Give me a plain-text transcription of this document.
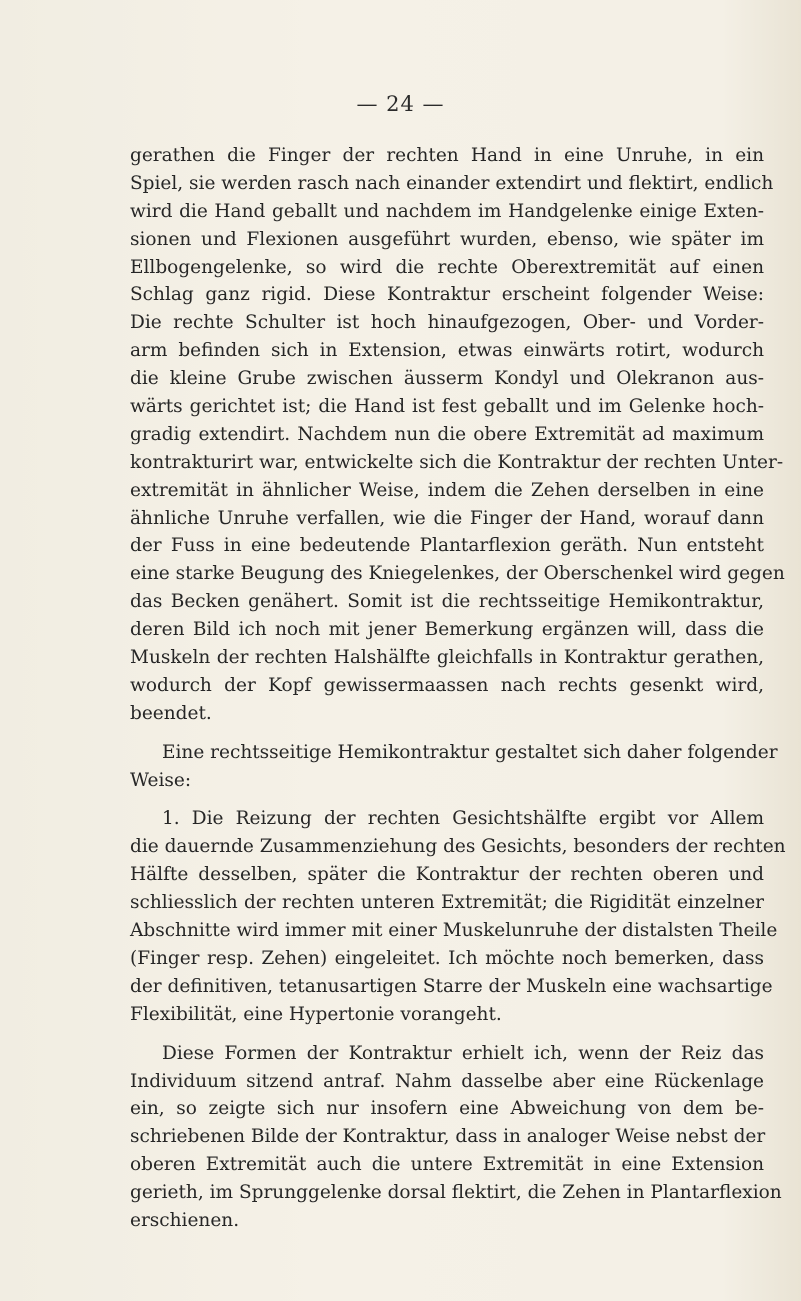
— 24 —
gerathen die Finger der rechten Hand in eine Unruhe, in ein
Spiel, sie werden rasch nach einander extendirt und flektirt, endlich
wird die Hand geballt und nachdem im Handgelenke einige Exten-
sionen und Flexionen ausgeführt wurden, ebenso, wie später im
Ellbogengelenke, so wird die rechte Oberextremität auf einen
Schlag ganz rigid. Diese Kontraktur erscheint folgender Weise:
Die rechte Schulter ist hoch hinaufgezogen, Ober- und Vorder-
arm befinden sich in Extension, etwas einwärts rotirt, wodurch
die kleine Grube zwischen äusserm Kondyl und Olekranon aus-
wärts gerichtet ist; die Hand ist fest geballt und im Gelenke hoch-
gradig extendirt. Nachdem nun die obere Extremität ad maximum
kontrakturirt war, entwickelte sich die Kontraktur der rechten Unter-
extremität in ähnlicher Weise, indem die Zehen derselben in eine
ähnliche Unruhe verfallen, wie die Finger der Hand, worauf dann
der Fuss in eine bedeutende Plantarflexion geräth. Nun entsteht
eine starke Beugung des Kniegelenkes, der Oberschenkel wird gegen
das Becken genähert. Somit ist die rechtsseitige Hemikontraktur,
deren Bild ich noch mit jener Bemerkung ergänzen will, dass die
Muskeln der rechten Halshälfte gleichfalls in Kontraktur gerathen,
wodurch der Kopf gewissermaassen nach rechts gesenkt wird,
beendet.
Eine rechtsseitige Hemikontraktur gestaltet sich daher folgender
Weise:
1. Die Reizung der rechten Gesichtshälfte ergibt vor Allem
die dauernde Zusammenziehung des Gesichts, besonders der rechten
Hälfte desselben, später die Kontraktur der rechten oberen und
schliesslich der rechten unteren Extremität; die Rigidität einzelner
Abschnitte wird immer mit einer Muskelunruhe der distalsten Theile
(Finger resp. Zehen) eingeleitet. Ich möchte noch bemerken, dass
der definitiven, tetanusartigen Starre der Muskeln eine wachsartige
Flexibilität, eine Hypertonie vorangeht.
Diese Formen der Kontraktur erhielt ich, wenn der Reiz das
Individuum sitzend antraf. Nahm dasselbe aber eine Rückenlage
ein, so zeigte sich nur insofern eine Abweichung von dem be-
schriebenen Bilde der Kontraktur, dass in analoger Weise nebst der
oberen Extremität auch die untere Extremität in eine Extension
gerieth, im Sprunggelenke dorsal flektirt, die Zehen in Plantarflexion
erschienen.
